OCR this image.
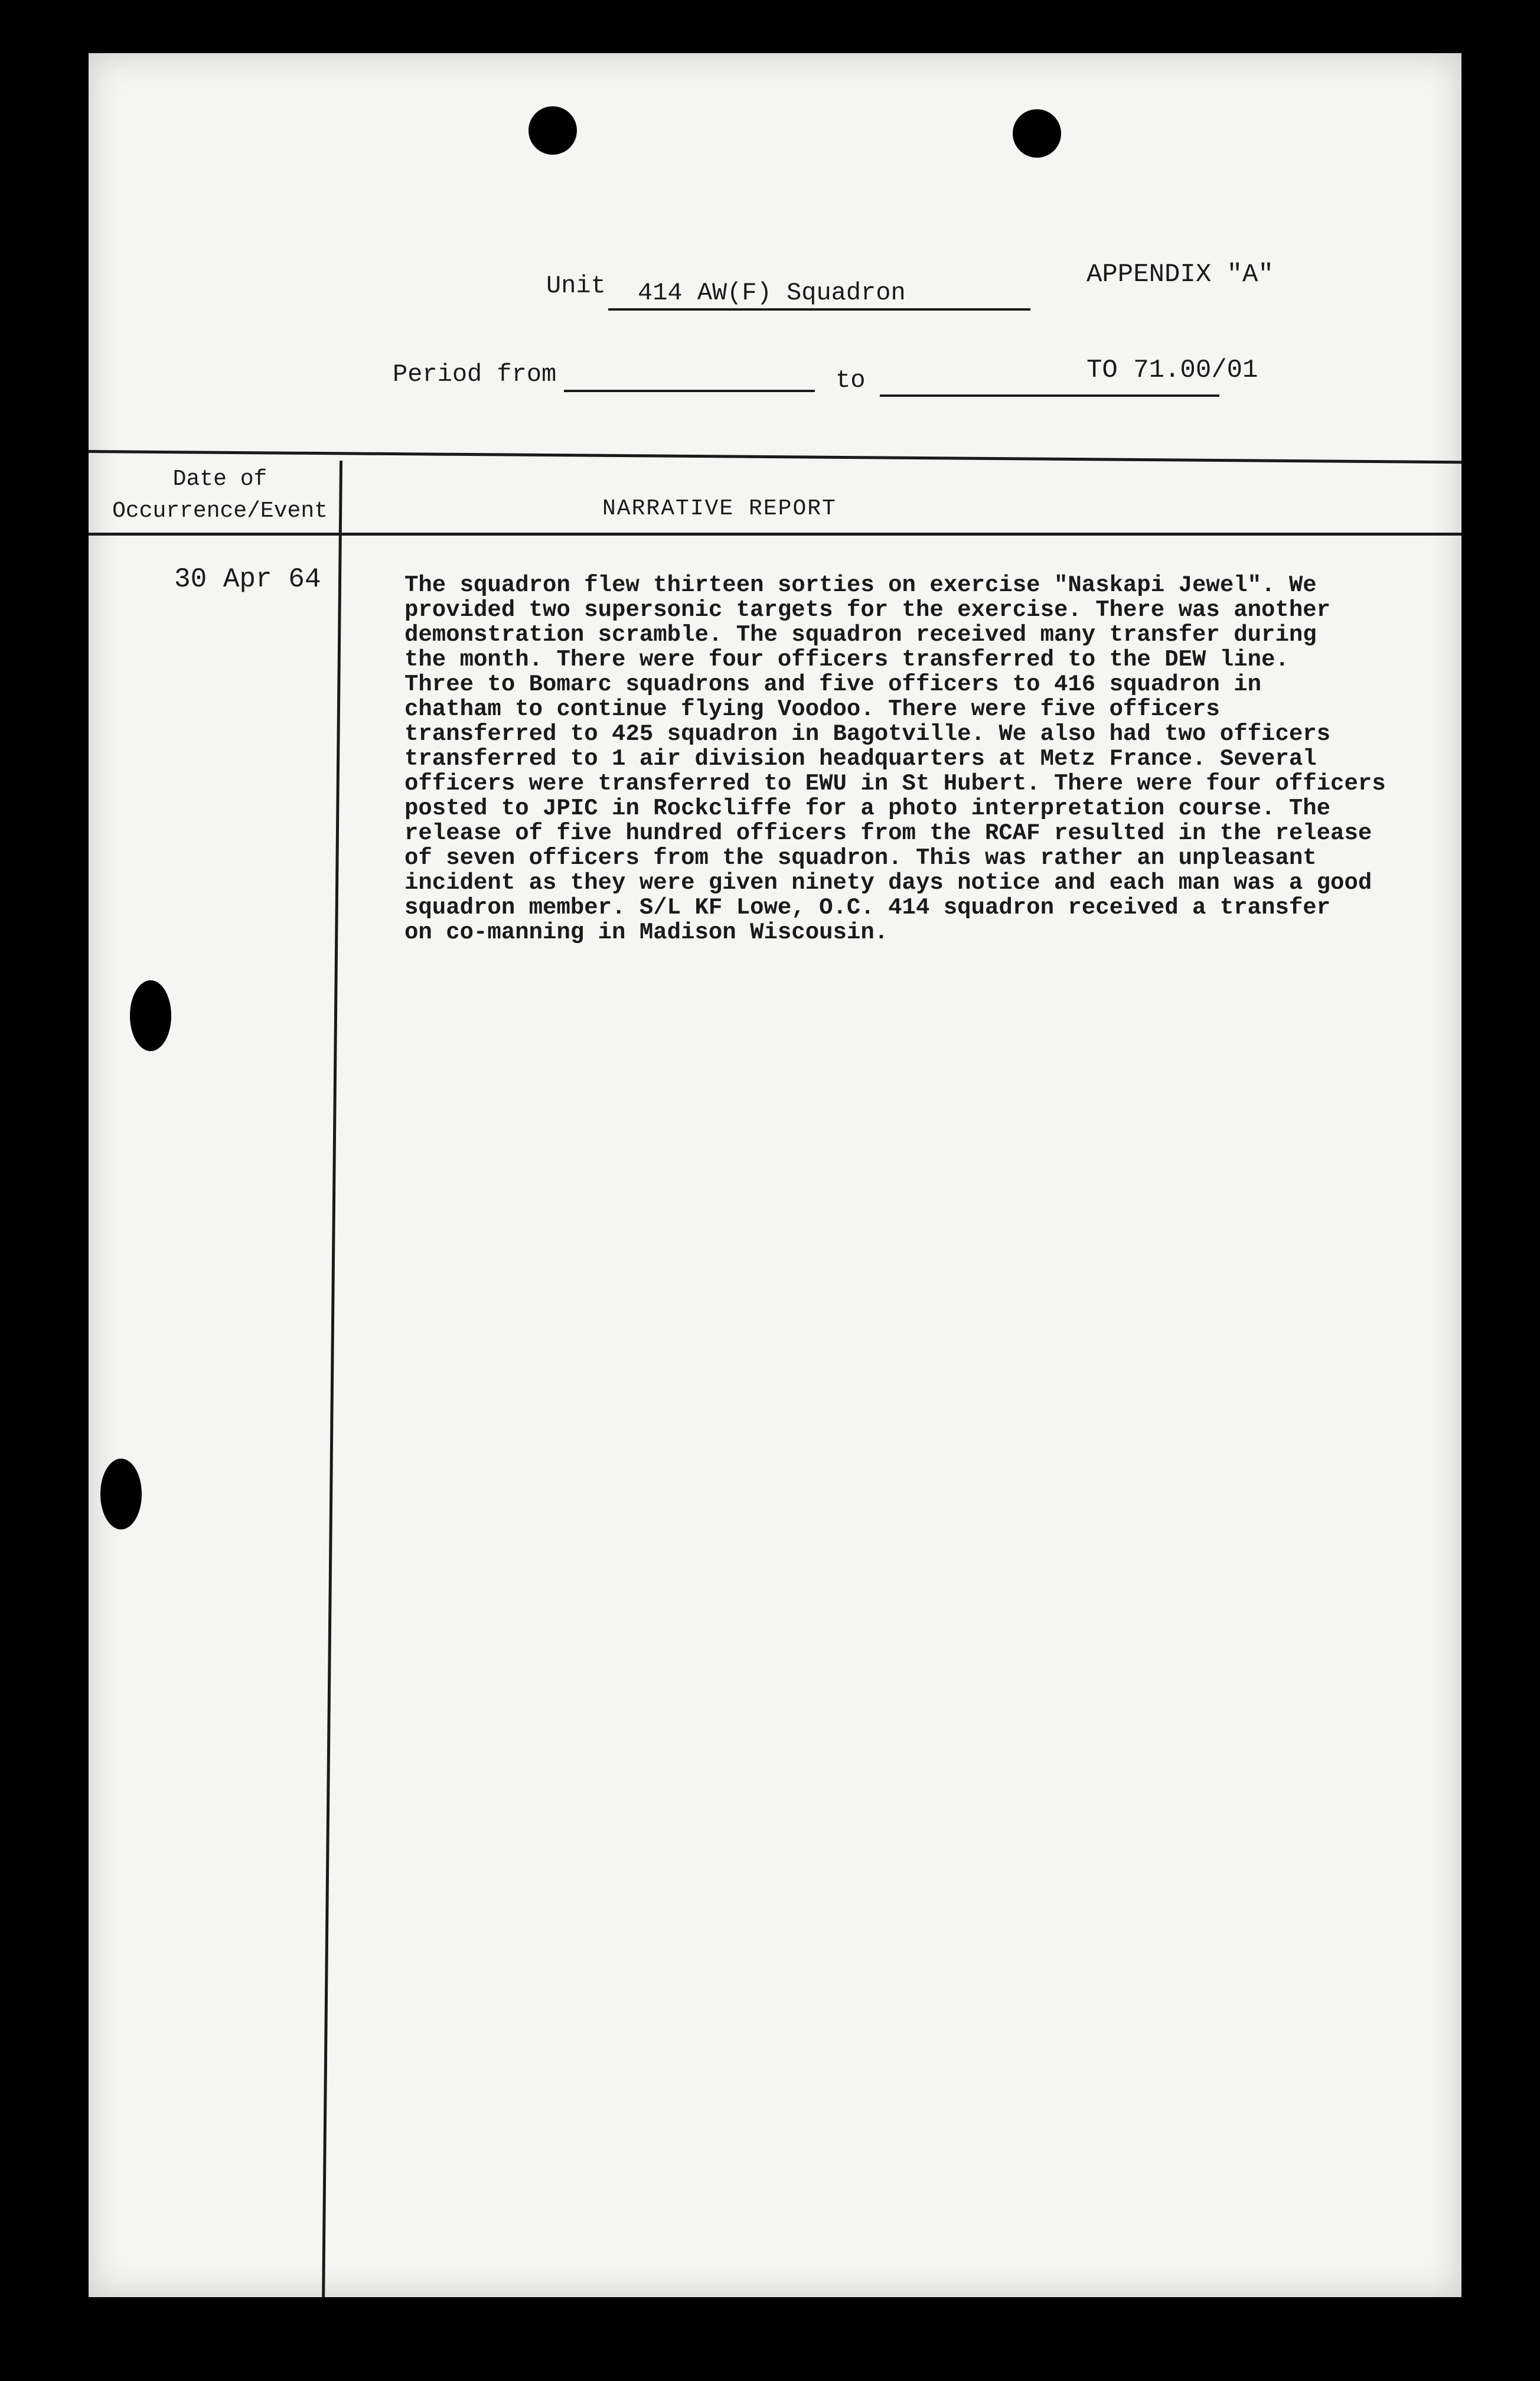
APPENDIX "A"

TO 71.00/01

Unit 414 AW(F) Squadron
Period from	to
Date of
Occurrence/Event	NARRATIVE REPORT
30 Apr 64	The squadron flew thirteen sorties on exercise "Naskapi Jewel". We

provided two supersonic targets for the exercise. There was another

demonstration scramble. The squadron received many transfer during

the month. There were four officers transferred to the DEW line.

Three to Bomarc squadrons and five officers to 416 squadron in

chatham to continue flying Voodoo. There were five officers

transferred to 425 squadron in Bagotville. We also had two officers

transferred to 1 air division headquarters at Metz France. Several

officers were transferred to EWU in St Hubert. There were four officers

posted to JPIC in Rockcliffe for a photo interpretation course. The

release of five hundred officers from the RCAF resulted in the release

of seven officers from the squadron. This was rather an unpleasant

incident as they were given ninety days notice and each man was a good

squadron member. S/L KF Lowe, O.C. 414 squadron received a transfer

on co-manning in Madison Wiscousin.
